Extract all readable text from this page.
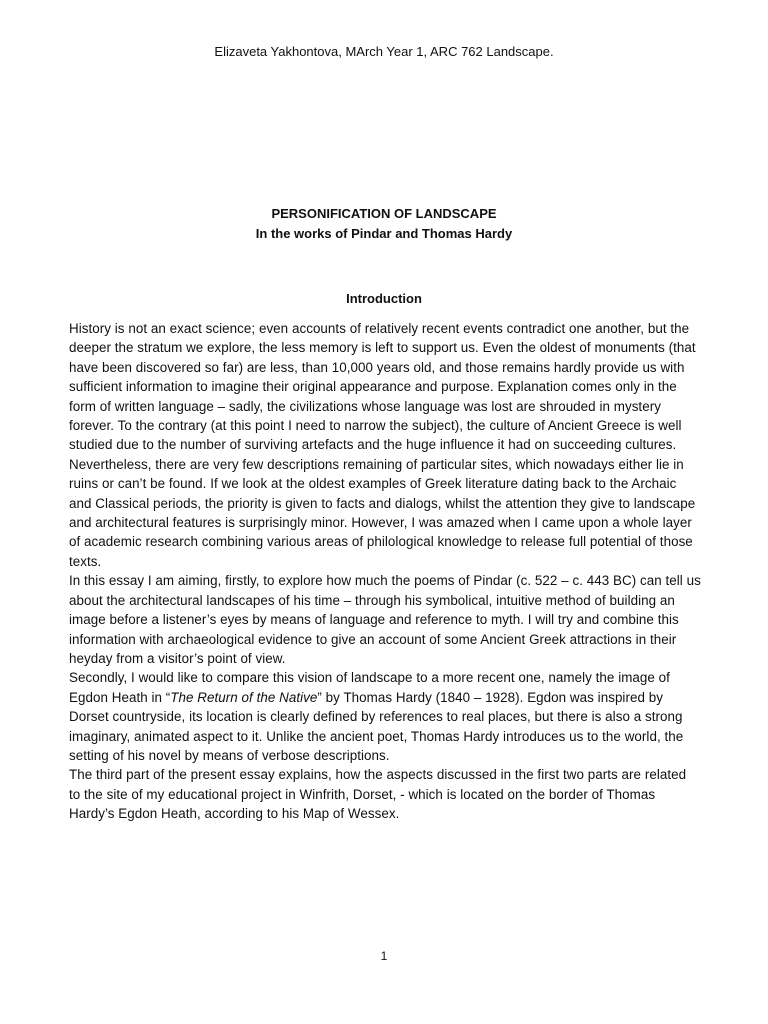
Elizaveta Yakhontova, MArch Year 1, ARC 762 Landscape.
PERSONIFICATION OF LANDSCAPE
In the works of Pindar and Thomas Hardy
Introduction

History is not an exact science; even accounts of relatively recent events contradict one another, but the deeper the stratum we explore, the less memory is left to support us. Even the oldest of monuments (that have been discovered so far) are less, than 10,000 years old, and those remains hardly provide us with sufficient information to imagine their original appearance and purpose. Explanation comes only in the form of written language – sadly, the civilizations whose language was lost are shrouded in mystery forever. To the contrary (at this point I need to narrow the subject), the culture of Ancient Greece is well studied due to the number of surviving artefacts and the huge influence it had on succeeding cultures. Nevertheless, there are very few descriptions remaining of particular sites, which nowadays either lie in ruins or can’t be found. If we look at the oldest examples of Greek literature dating back to the Archaic and Classical periods, the priority is given to facts and dialogs, whilst the attention they give to landscape and architectural features is surprisingly minor. However, I was amazed when I came upon a whole layer of academic research combining various areas of philological knowledge to release full potential of those texts.

In this essay I am aiming, firstly, to explore how much the poems of Pindar (c. 522 – c. 443 BC) can tell us about the architectural landscapes of his time – through his symbolical, intuitive method of building an image before a listener’s eyes by means of language and reference to myth. I will try and combine this information with archaeological evidence to give an account of some Ancient Greek attractions in their heyday from a visitor’s point of view.

Secondly, I would like to compare this vision of landscape to a more recent one, namely the image of Egdon Heath in “The Return of the Native” by Thomas Hardy (1840 – 1928). Egdon was inspired by Dorset countryside, its location is clearly defined by references to real places, but there is also a strong imaginary, animated aspect to it. Unlike the ancient poet, Thomas Hardy introduces us to the world, the setting of his novel by means of verbose descriptions.

The third part of the present essay explains, how the aspects discussed in the first two parts are related to the site of my educational project in Winfrith, Dorset, - which is located on the border of Thomas Hardy’s Egdon Heath, according to his Map of Wessex.

1
